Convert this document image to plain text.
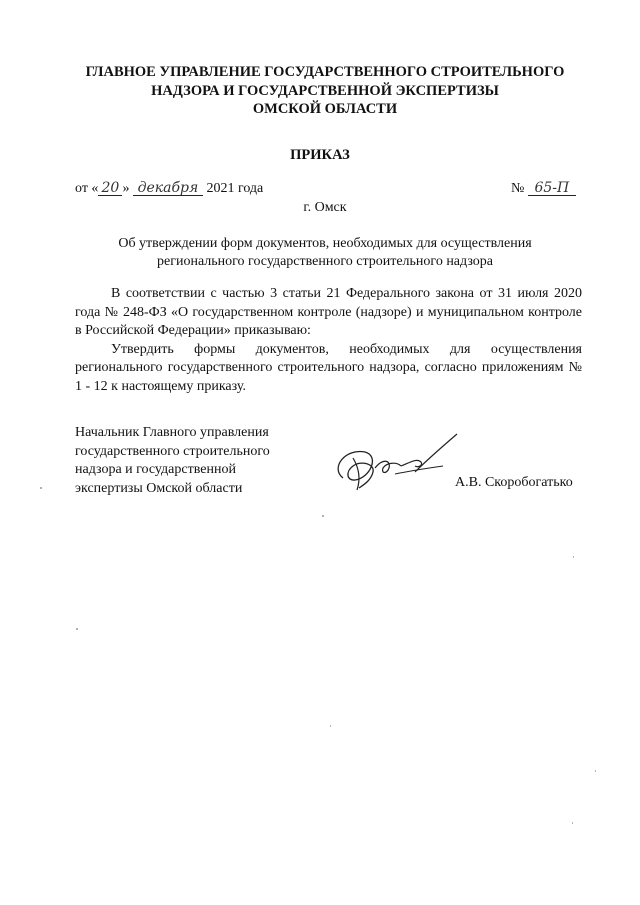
ГЛАВНОЕ УПРАВЛЕНИЕ ГОСУДАРСТВЕННОГО СТРОИТЕЛЬНОГО
НАДЗОРА И ГОСУДАРСТВЕННОЙ ЭКСПЕРТИЗЫ
ОМСКОЙ ОБЛАСТИ
ПРИКАЗ
от « 20 » декабря 2021 года	№ 65-П
г. Омск
Об утверждении форм документов, необходимых для осуществления
регионального государственного строительного надзора

В соответствии с частью 3 статьи 21 Федерального закона от 31 июля 2020 года № 248-ФЗ «О государственном контроле (надзоре) и муниципальном контроле в Российской Федерации» приказываю:

Утвердить формы документов, необходимых для осуществления регионального государственного строительного надзора, согласно приложениям № 1 - 12 к настоящему приказу.

Начальник Главного управления
государственного строительного
надзора и государственной
экспертизы Омской области	А.В. Скоробогатько
